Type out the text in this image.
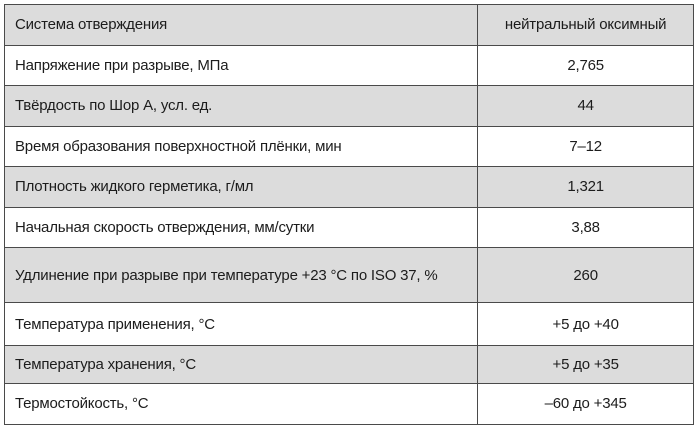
Система отверждения	нейтральный оксимный
Напряжение при разрыве, МПа	2,765
Твёрдость по Шор А, усл. ед.	44
Время образования поверхностной плёнки, мин	7–12
Плотность жидкого герметика, г/мл	1,321
Начальная скорость отверждения, мм/сутки	3,88
Удлинение при разрыве при температуре +23 °C по ISO 37, %	260
Температура применения, °C	+5 до +40
Температура хранения, °C	+5 до +35
Термостойкость, °C	–60 до +345
